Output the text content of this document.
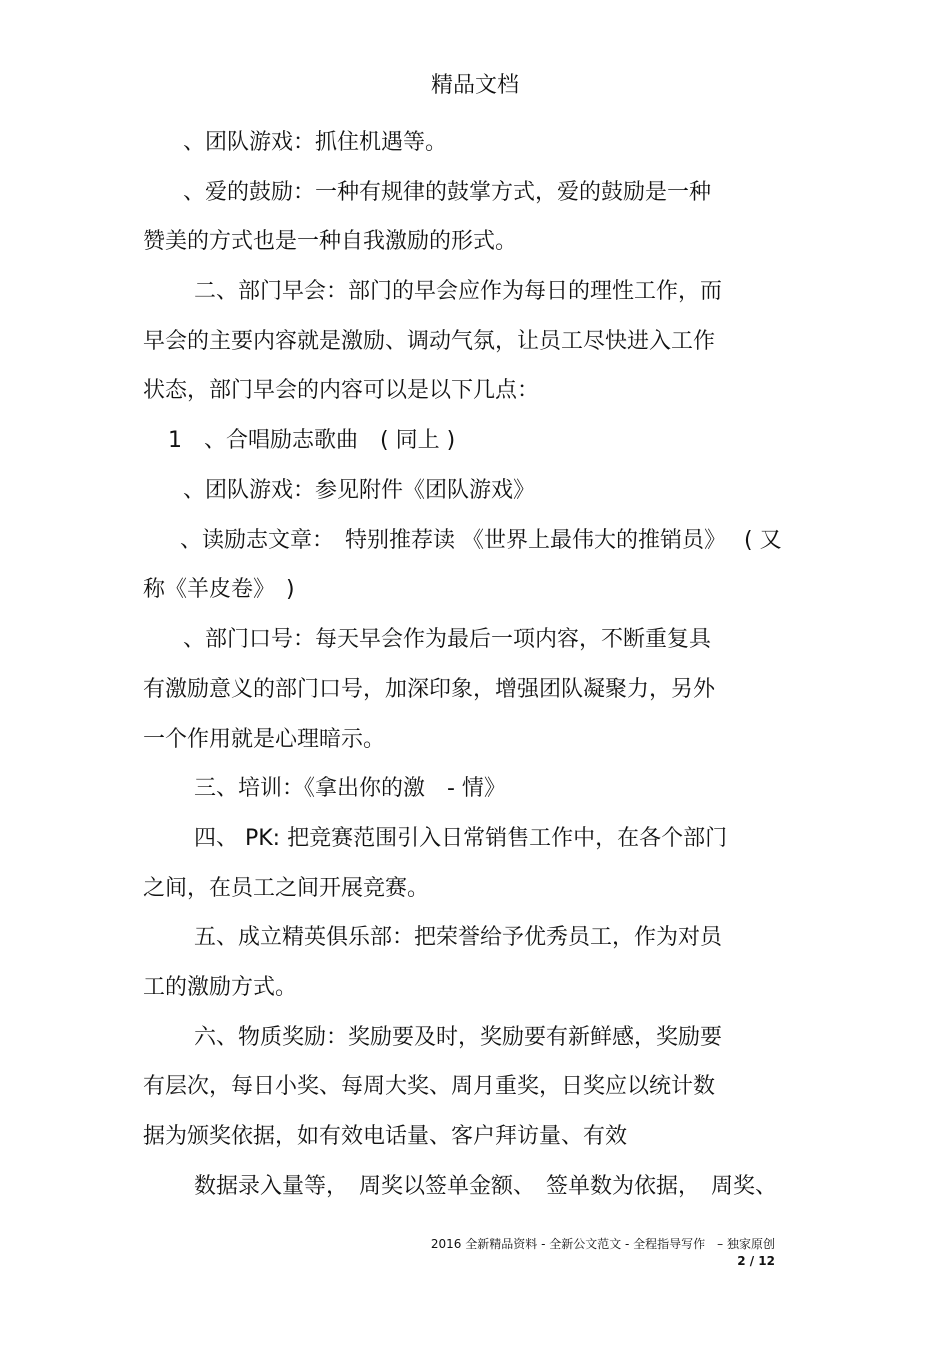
精品文档
、团队游戏：抓住机遇等。
、爱的鼓励：一种有规律的鼓掌方式，爱的鼓励是一种
赞美的方式也是一种自我激励的形式。
二、部门早会：部门的早会应作为每日的理性工作，而
早会的主要内容就是激励、调动气氛，让员工尽快进入工作
状态，部门早会的内容可以是以下几点：
1　、合唱励志歌曲　( 同上 )
、团队游戏：参见附件《团队游戏》
、读励志文章：　特别推荐读 《世界上最伟大的推销员》　 ( 又
称《羊皮卷》　)
、部门口号：每天早会作为最后一项内容，不断重复具
有激励意义的部门口号，加深印象，增强团队凝聚力，另外
一个作用就是心理暗示。
三、培训：《拿出你的激　- 情》
四、 PK: 把竞赛范围引入日常销售工作中，在各个部门
之间，在员工之间开展竞赛。
五、成立精英俱乐部：把荣誉给予优秀员工，作为对员
工的激励方式。
六、物质奖励：奖励要及时，奖励要有新鲜感，奖励要
有层次，每日小奖、每周大奖、周月重奖，日奖应以统计数
据为颁奖依据，如有效电话量、客户拜访量、有效
数据录入量等，　周奖以签单金额、　签单数为依据，　周奖、
2016 全新精品资料 - 全新公文范文 - 全程指导写作　– 独家原创
2 / 12
